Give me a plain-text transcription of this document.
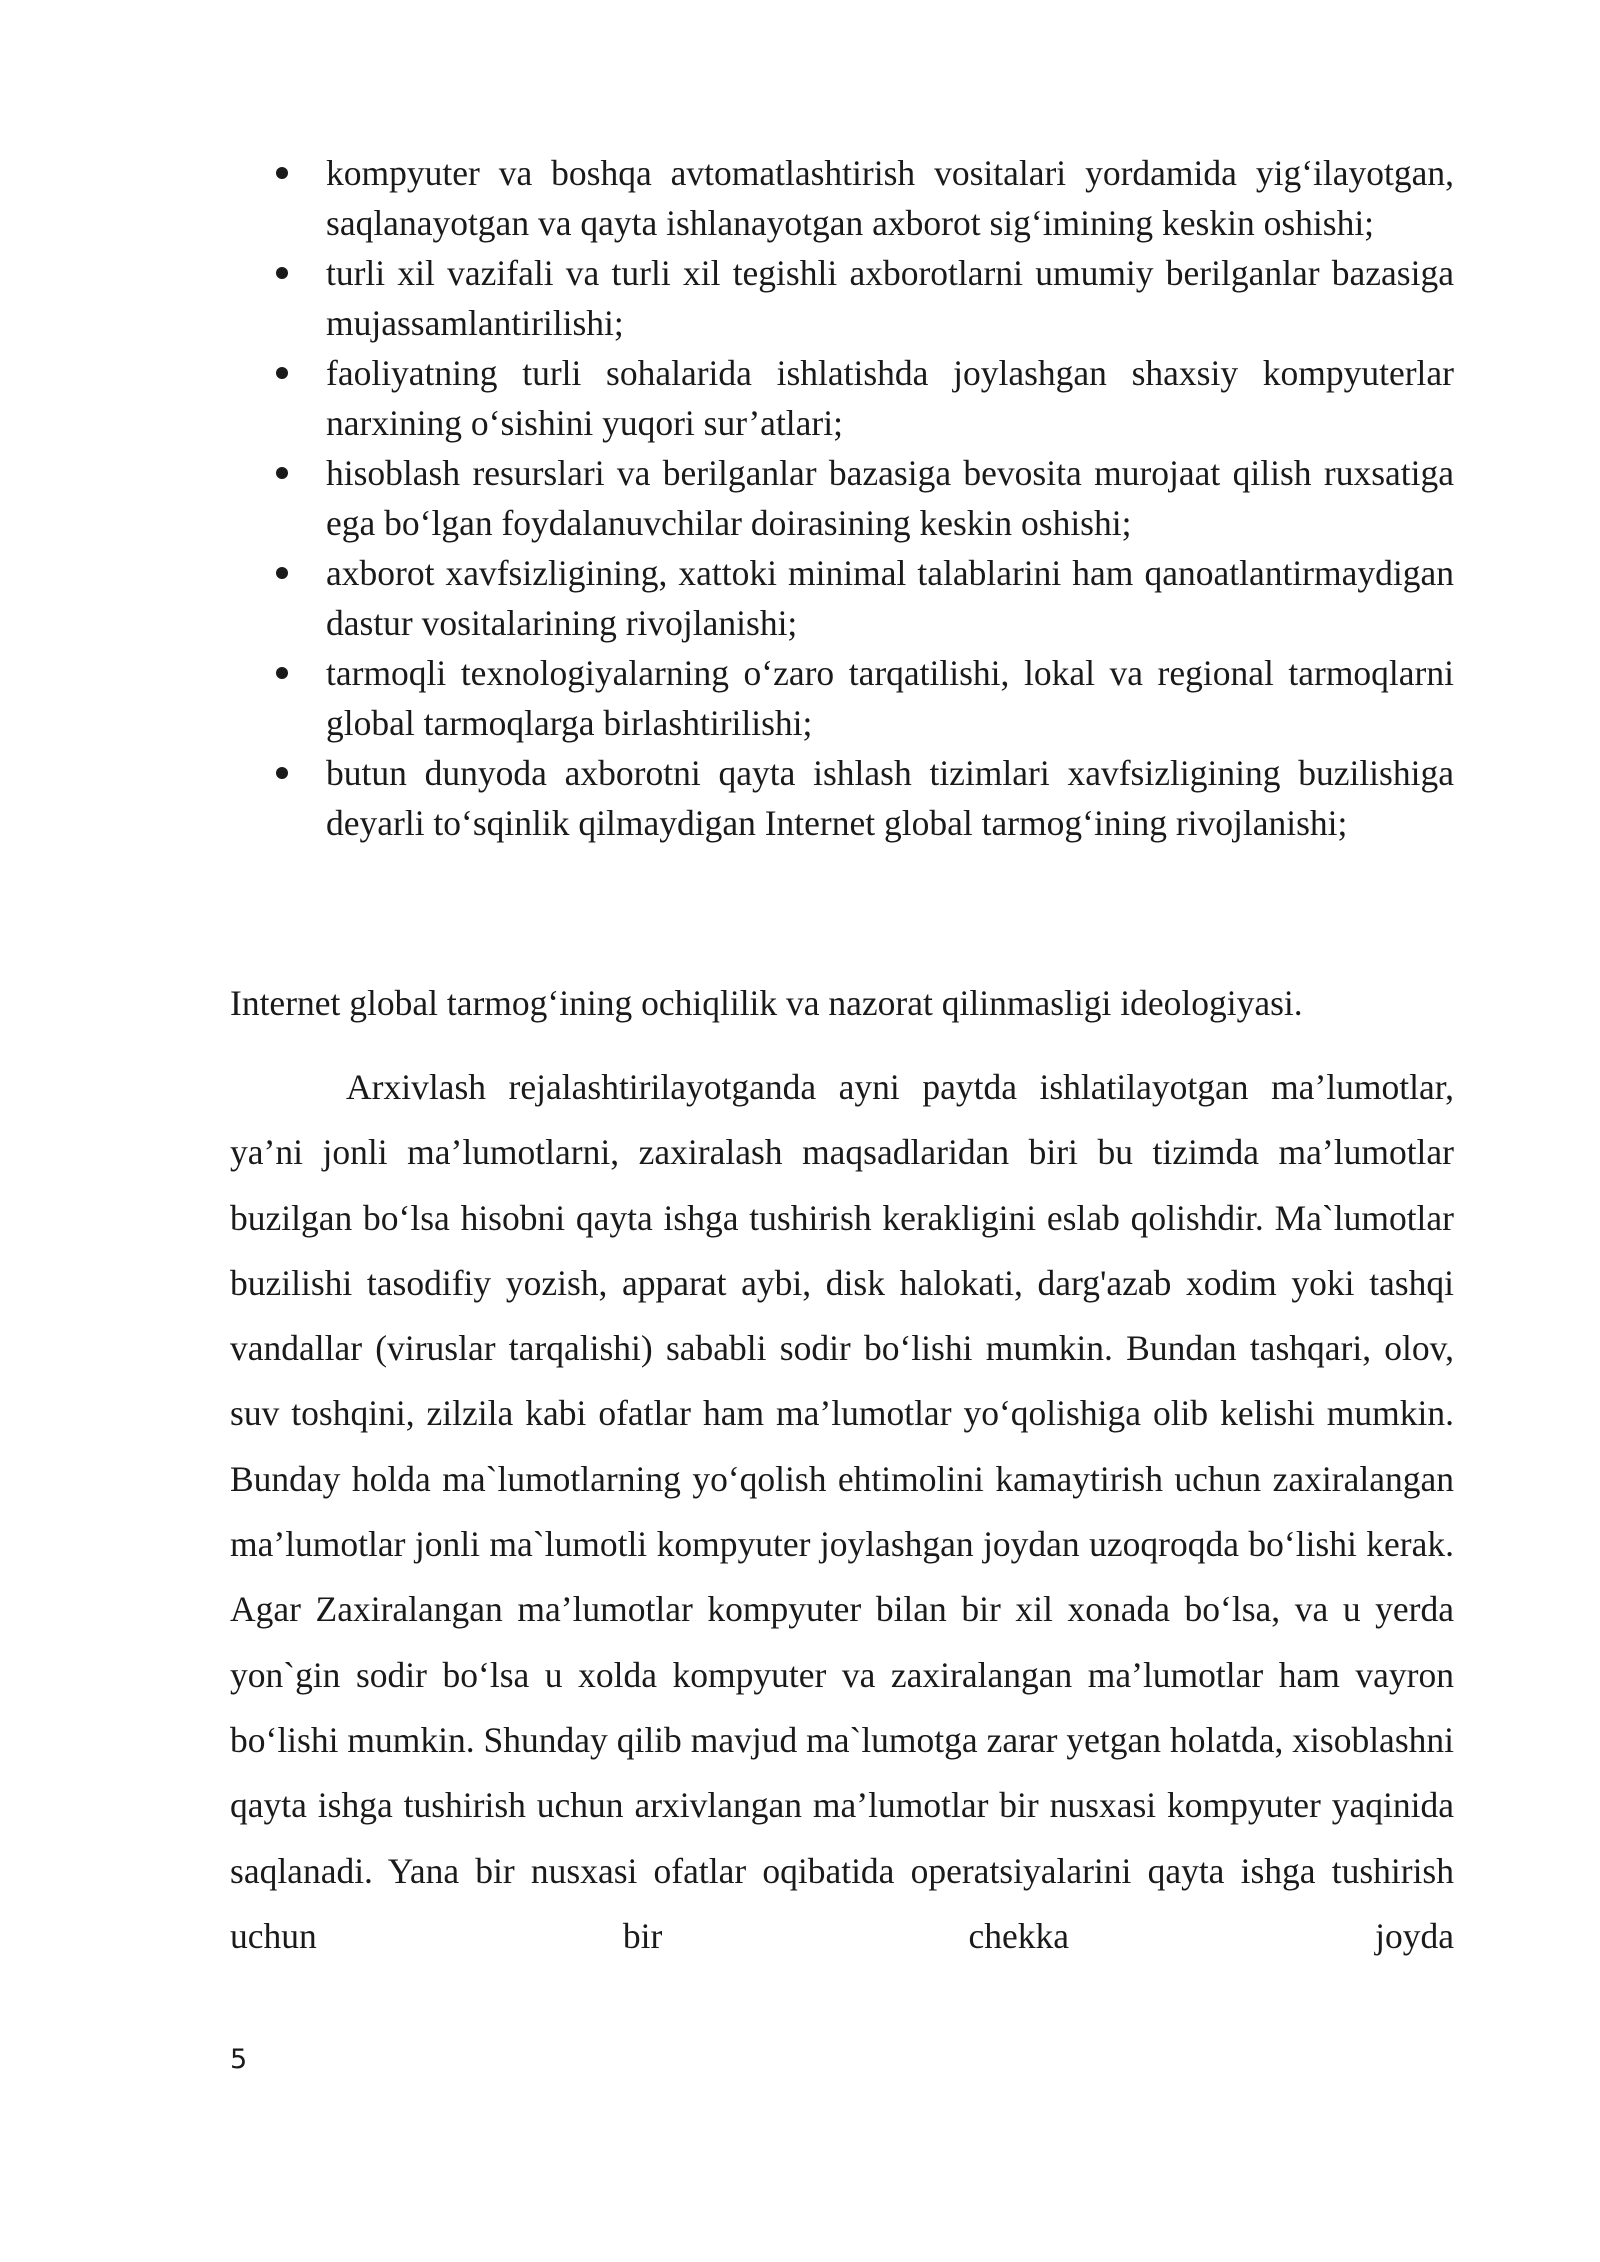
kompyuter va boshqa avtomatlashtirish vositalari yordamida yig‘ilayotgan, saqlanayotgan va qayta ishlanayotgan axborot sig‘imining keskin oshishi;
turli xil vazifali va turli xil tegishli axborotlarni umumiy berilganlar bazasiga mujassamlantirilishi;
faoliyatning turli sohalarida ishlatishda joylashgan shaxsiy kompyuterlar narxining o‘sishini yuqori sur’atlari;
hisoblash resurslari va berilganlar bazasiga bevosita murojaat qilish ruxsatiga ega bo‘lgan foydalanuvchilar doirasining keskin oshishi;
axborot xavfsizligining, xattoki minimal talablarini ham qanoatlantirmaydigan dastur vositalarining rivojlanishi;
tarmoqli texnologiyalarning o‘zaro tarqatilishi, lokal va regional tarmoqlarni global tarmoqlarga birlashtirilishi;
butun dunyoda axborotni qayta ishlash tizimlari xavfsizligining buzilishiga deyarli to‘sqinlik qilmaydigan Internet global tarmog‘ining rivojlanishi;

Internet global tarmog‘ining ochiqlilik va nazorat qilinmasligi ideologiyasi.

Arxivlash rejalashtirilayotganda ayni paytda ishlatilayotgan ma’lumotlar, ya’ni jonli ma’lumotlarni, zaxiralash maqsadlaridan biri bu tizimda ma’lumotlar buzilgan boʻlsa hisobni qayta ishga tushirish kerakligini eslab qolishdir. Ma`lumotlar buzilishi tasodifiy yozish, apparat aybi, disk halokati, darg'azab xodim yoki tashqi vandallar (viruslar tarqalishi) sababli sodir boʻlishi mumkin. Bundan tashqari, olov, suv toshqini, zilzila kabi ofatlar ham ma’lumotlar yoʻqolishiga olib kelishi mumkin. Bunday holda ma`lumotlarning yoʻqolish ehtimolini kamaytirish uchun zaxiralangan ma’lumotlar jonli ma`lumotli kompyuter joylashgan joydan uzoqroqda boʻlishi kerak. Agar Zaxiralangan ma’lumotlar kompyuter bilan bir xil xonada boʻlsa, va u yerda yon`gin sodir boʻlsa u xolda kompyuter va zaxiralangan ma’lumotlar ham vayron boʻlishi mumkin. Shunday qilib mavjud ma`lumotga zarar yetgan holatda, xisoblashni qayta ishga tushirish uchun arxivlangan ma’lumotlar bir nusxasi kompyuter yaqinida saqlanadi. Yana bir nusxasi ofatlar oqibatida operatsiyalarini qayta ishga tushirish uchun bir chekka joyda

5
